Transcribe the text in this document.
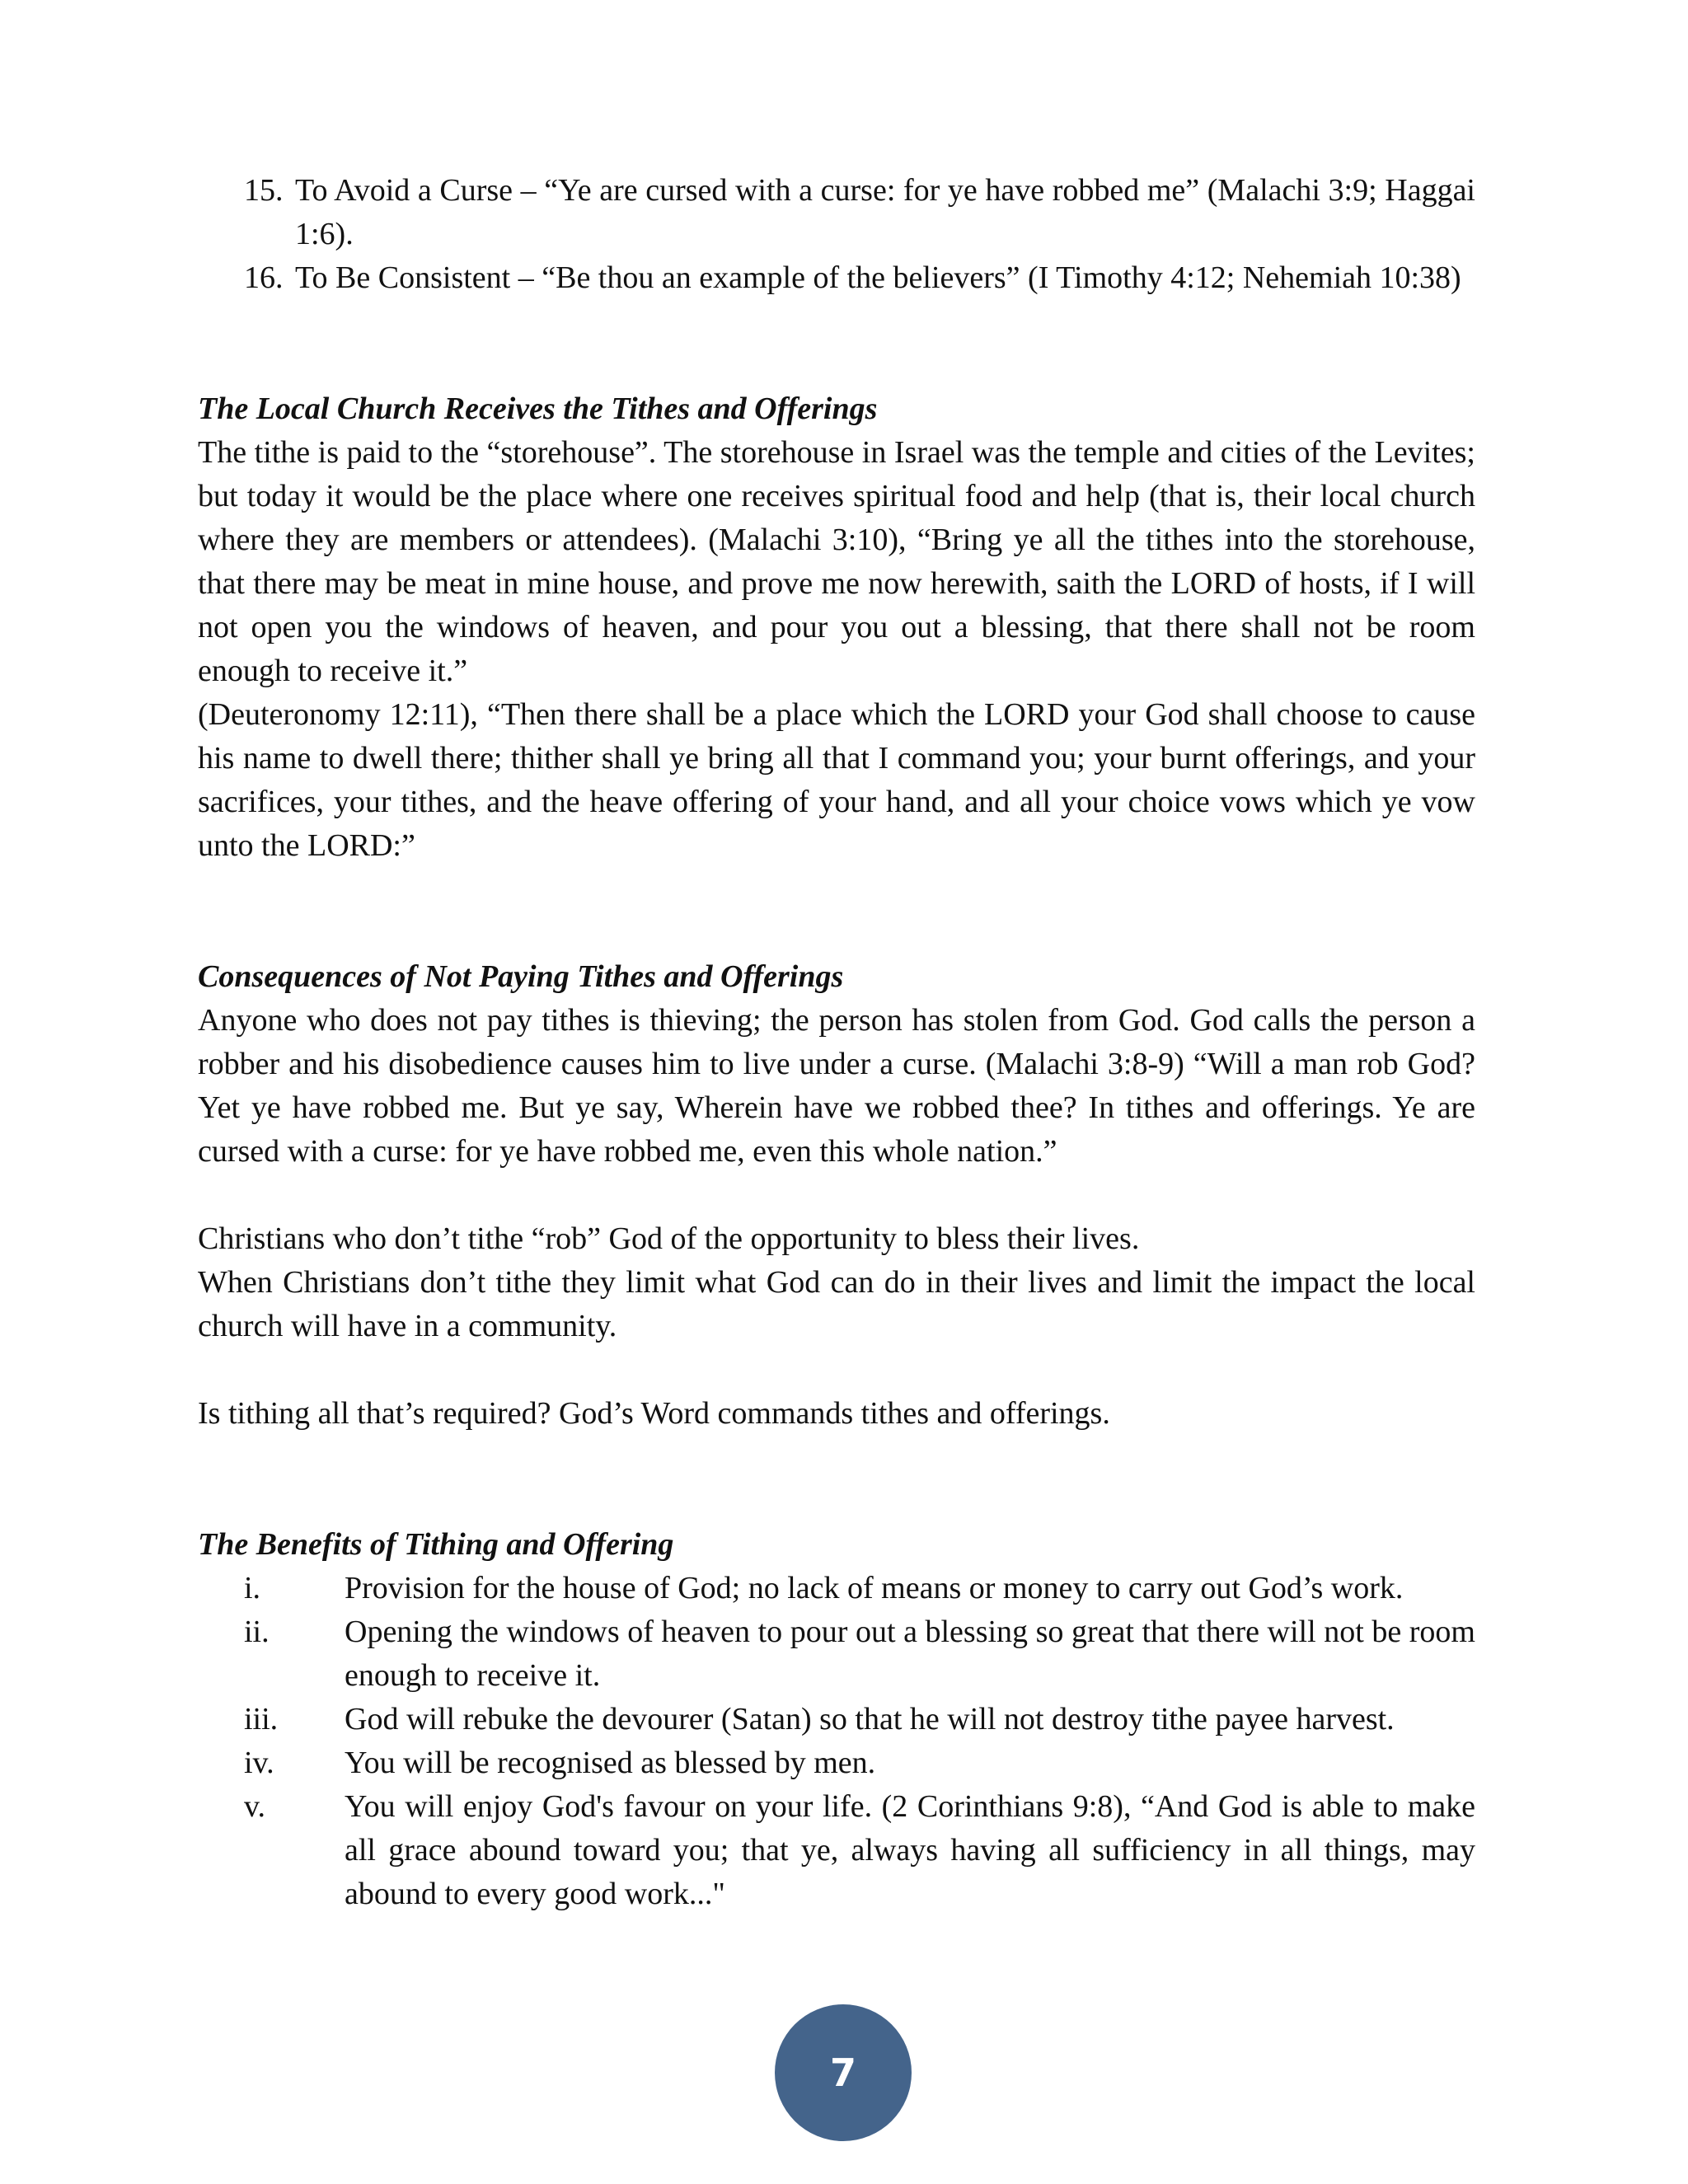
15. To Avoid a Curse – “Ye are cursed with a curse: for ye have robbed me” (Malachi 3:9; Haggai 1:6).
16. To Be Consistent – “Be thou an example of the believers” (I Timothy 4:12; Nehemiah 10:38)

The Local Church Receives the Tithes and Offerings

The tithe is paid to the “storehouse”. The storehouse in Israel was the temple and cities of the Levites; but today it would be the place where one receives spiritual food and help (that is, their local church where they are members or attendees). (Malachi 3:10), “Bring ye all the tithes into the storehouse, that there may be meat in mine house, and prove me now herewith, saith the LORD of hosts, if I will not open you the windows of heaven, and pour you out a blessing, that there shall not be room enough to receive it.”

(Deuteronomy 12:11), “Then there shall be a place which the LORD your God shall choose to cause his name to dwell there; thither shall ye bring all that I command you; your burnt offerings, and your sacrifices, your tithes, and the heave offering of your hand, and all your choice vows which ye vow unto the LORD:”

Consequences of Not Paying Tithes and Offerings

Anyone who does not pay tithes is thieving; the person has stolen from God. God calls the person a robber and his disobedience causes him to live under a curse. (Malachi 3:8-9) “Will a man rob God? Yet ye have robbed me. But ye say, Wherein have we robbed thee? In tithes and offerings. Ye are cursed with a curse: for ye have robbed me, even this whole nation.”

Christians who don’t tithe “rob” God of the opportunity to bless their lives.

When Christians don’t tithe they limit what God can do in their lives and limit the impact the local church will have in a community.

Is tithing all that’s required? God’s Word commands tithes and offerings.

The Benefits of Tithing and Offering

i.	Provision for the house of God; no lack of means or money to carry out God’s work.
ii.	Opening the windows of heaven to pour out a blessing so great that there will not be room enough to receive it.
iii.	God will rebuke the devourer (Satan) so that he will not destroy tithe payee harvest.
iv.	You will be recognised as blessed by men.
v.	You will enjoy God's favour on your life. (2 Corinthians 9:8), “And God is able to make all grace abound toward you; that ye, always having all sufficiency in all things, may abound to every good work..."
7
